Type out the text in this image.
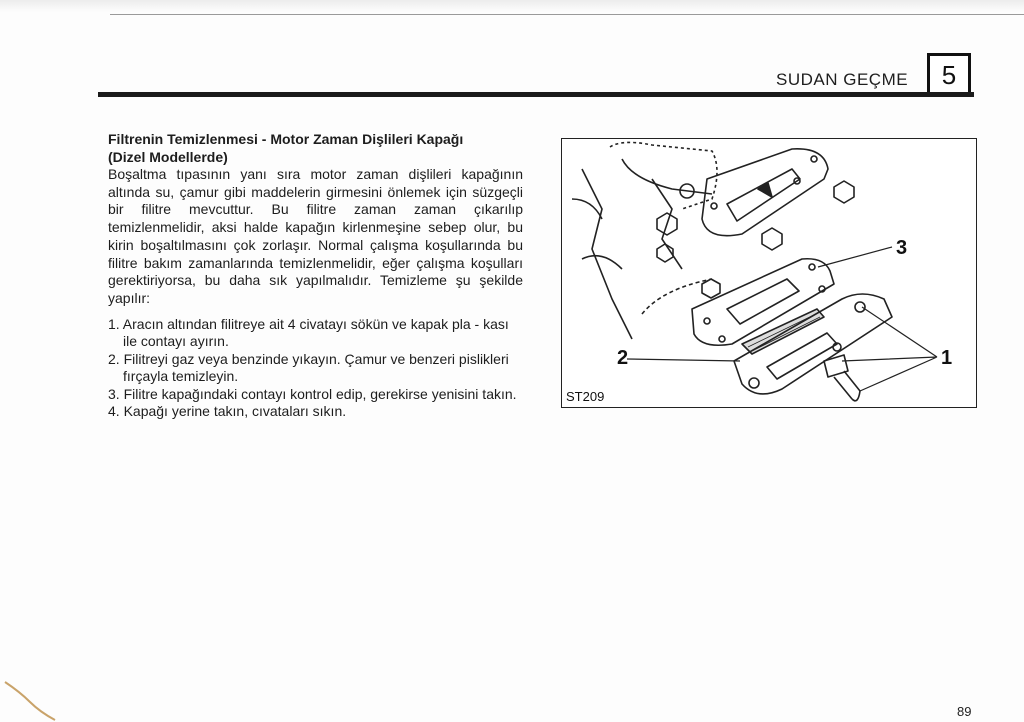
SUDAN GEÇME	5

Filtrenin Temizlenmesi - Motor Zaman Dişlileri Kapağı
(Dizel Modellerde)

Boşaltma tıpasının yanı sıra motor zaman dişlileri kapağının altında su, çamur gibi maddelerin girmesini önlemek için süzgeçli bir filitre mevcuttur. Bu filitre zaman zaman çıkarılıp temizlenmelidir, aksi halde kapağın kirlenmeşine sebep olur, bu kirin boşaltılmasını çok zorlaşır. Normal çalışma koşullarında bu filitre bakım zamanlarında temizlenmelidir, eğer çalışma koşulları gerektiriyorsa, bu daha sık yapılmalıdır. Temizleme şu şekilde yapılır:

1. Aracın altından filitreye ait 4 civatayı sökün ve kapak pla - kası ile contayı ayırın.
2. Filitreyi gaz veya benzinde yıkayın. Çamur ve benzeri pislikleri fırçayla temizleyin.
3. Filitre kapağındaki contayı kontrol edip, gerekirse yenisini takın.
4. Kapağı yerine takın, cıvataları sıkın.
ST209
3
2	1
89
